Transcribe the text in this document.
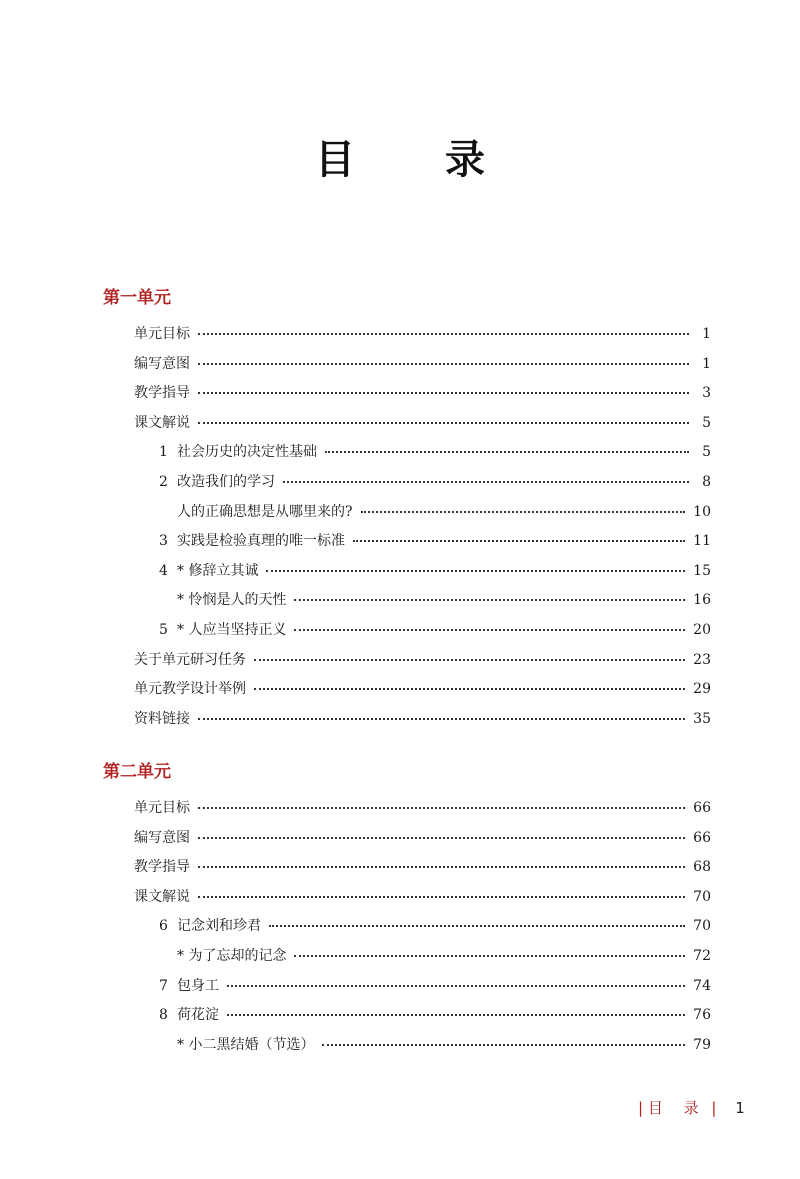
目 录
第一单元
单元目标	1
编写意图	1
教学指导	3
课文解说	5
1 社会历史的决定性基础	5
2 改造我们的学习	8
人的正确思想是从哪里来的?	10
3 实践是检验真理的唯一标准	11
4 * 修辞立其诚	15
* 怜悯是人的天性	16
5 * 人应当坚持正义	20
关于单元研习任务	23
单元教学设计举例	29
资料链接	35
第二单元
单元目标	66
编写意图	66
教学指导	68
课文解说	70
6 记念刘和珍君	70
* 为了忘却的记念	72
7 包身工	74
8 荷花淀	76
* 小二黑结婚（节选）	79
| 目 录 | 1
